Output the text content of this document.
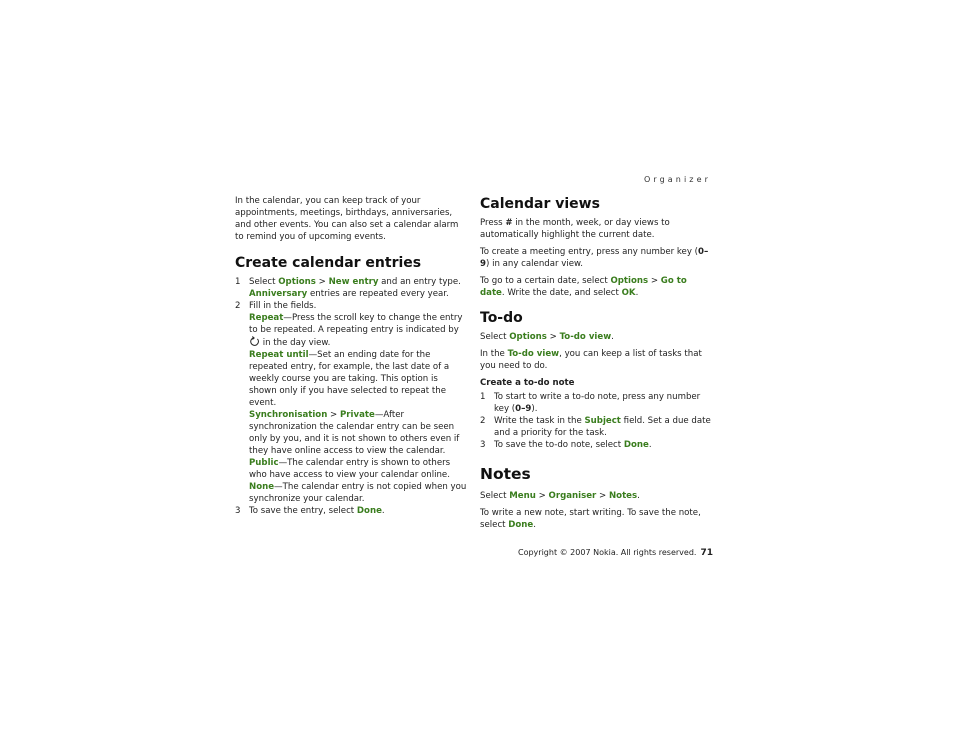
Organizer

In the calendar, you can keep track of your appointments, meetings, birthdays, anniversaries, and other events. You can also set a calendar alarm to remind you of upcoming events.

Create calendar entries
1 Select Options > New entry and an entry type.
Anniversary entries are repeated every year.
2 Fill in the fields.
Repeat—Press the scroll key to change the entry to be repeated. A repeating entry is indicated by  in the day view.
Repeat until—Set an ending date for the repeated entry, for example, the last date of a weekly course you are taking. This option is shown only if you have selected to repeat the event.
Synchronisation > Private—After synchronization the calendar entry can be seen only by you, and it is not shown to others even if they have online access to view the calendar. Public—The calendar entry is shown to others who have access to view your calendar online.
None—The calendar entry is not copied when you synchronize your calendar.
3 To save the entry, select Done.
Calendar views

Press # in the month, week, or day views to automatically highlight the current date.

To create a meeting entry, press any number key (0–9) in any calendar view.

To go to a certain date, select Options > Go to date. Write the date, and select OK.

To-do

Select Options > To-do view.

In the To-do view, you can keep a list of tasks that you need to do.

Create a to-do note
1 To start to write a to-do note, press any number key (0–9).
2 Write the task in the Subject field. Set a due date and a priority for the task.
3 To save the to-do note, select Done.
Notes

Select Menu > Organiser > Notes.

To write a new note, start writing. To save the note, select Done.

Copyright © 2007 Nokia. All rights reserved. 71
